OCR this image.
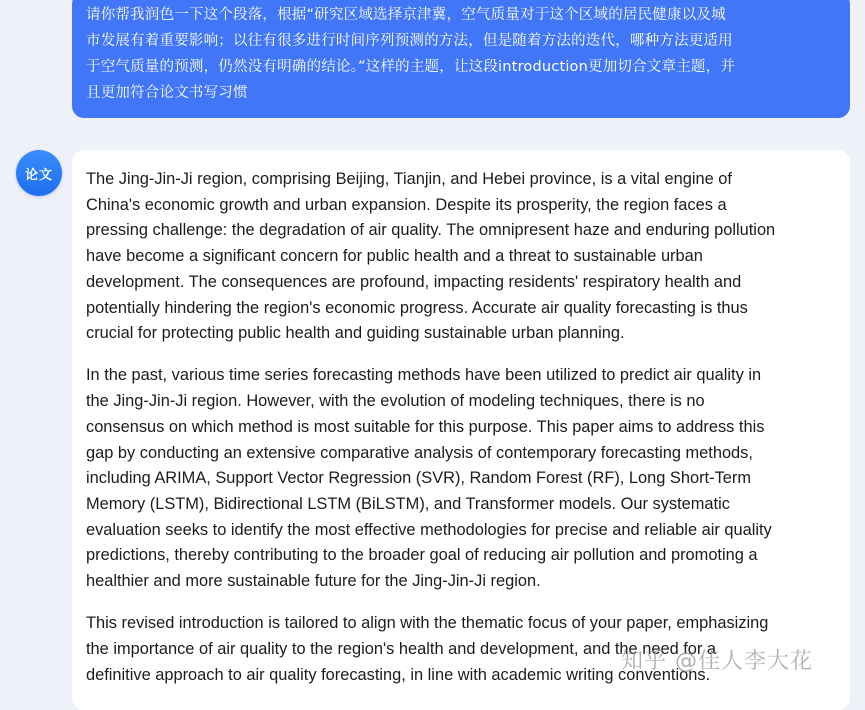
请你帮我润色一下这个段落，根据“研究区域选择京津冀，空气质量对于这个区域的居民健康以及城
市发展有着重要影响；以往有很多进行时间序列预测的方法，但是随着方法的迭代，哪种方法更适用
于空气质量的预测，仍然没有明确的结论。”这样的主题，让这段introduction更加切合文章主题，并
且更加符合论文书写习惯
论文 The Jing-Jin-Ji region, comprising Beijing, Tianjin, and Hebei province, is a vital engine of
China's economic growth and urban expansion. Despite its prosperity, the region faces a
pressing challenge: the degradation of air quality. The omnipresent haze and enduring pollution
have become a significant concern for public health and a threat to sustainable urban
development. The consequences are profound, impacting residents' respiratory health and
potentially hindering the region's economic progress. Accurate air quality forecasting is thus
crucial for protecting public health and guiding sustainable urban planning.

In the past, various time series forecasting methods have been utilized to predict air quality in
the Jing-Jin-Ji region. However, with the evolution of modeling techniques, there is no
consensus on which method is most suitable for this purpose. This paper aims to address this
gap by conducting an extensive comparative analysis of contemporary forecasting methods,
including ARIMA, Support Vector Regression (SVR), Random Forest (RF), Long Short-Term
Memory (LSTM), Bidirectional LSTM (BiLSTM), and Transformer models. Our systematic
evaluation seeks to identify the most effective methodologies for precise and reliable air quality
predictions, thereby contributing to the broader goal of reducing air pollution and promoting a
healthier and more sustainable future for the Jing-Jin-Ji region.

This revised introduction is tailored to align with the thematic focus of your paper, emphasizing
the importance of air quality to the region's health and development, and the need for a
definitive approach to air quality forecasting, in line with academic writing conventions.

知乎 @佳人李大花
